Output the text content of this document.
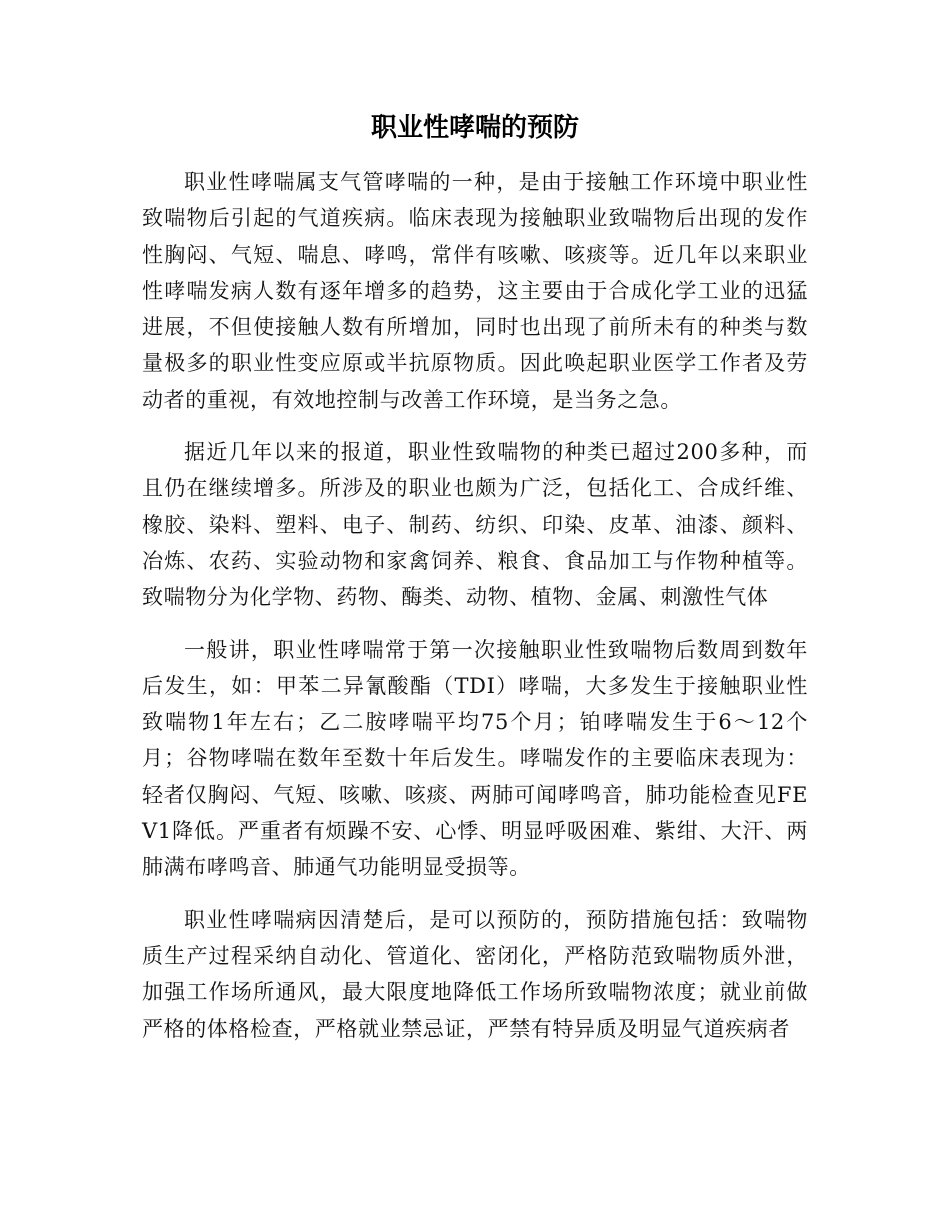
职业性哮喘的预防

职业性哮喘属支气管哮喘的一种，是由于接触工作环境中职业性致喘物后引起的气道疾病。临床表现为接触职业致喘物后出现的发作性胸闷、气短、喘息、哮鸣，常伴有咳嗽、咳痰等。近几年以来职业性哮喘发病人数有逐年增多的趋势，这主要由于合成化学工业的迅猛进展，不但使接触人数有所增加，同时也出现了前所未有的种类与数量极多的职业性变应原或半抗原物质。因此唤起职业医学工作者及劳动者的重视，有效地控制与改善工作环境，是当务之急。

据近几年以来的报道，职业性致喘物的种类已超过200多种，而且仍在继续增多。所涉及的职业也颇为广泛，包括化工、合成纤维、橡胶、染料、塑料、电子、制药、纺织、印染、皮革、油漆、颜料、冶炼、农药、实验动物和家禽饲养、粮食、食品加工与作物种植等。致喘物分为化学物、药物、酶类、动物、植物、金属、刺激性气体

一般讲，职业性哮喘常于第一次接触职业性致喘物后数周到数年后发生，如：甲苯二异氰酸酯（TDI）哮喘，大多发生于接触职业性致喘物1年左右；乙二胺哮喘平均75个月；铂哮喘发生于6～12个月；谷物哮喘在数年至数十年后发生。哮喘发作的主要临床表现为：轻者仅胸闷、气短、咳嗽、咳痰、两肺可闻哮鸣音，肺功能检查见FEV1降低。严重者有烦躁不安、心悸、明显呼吸困难、紫绀、大汗、两肺满布哮鸣音、肺通气功能明显受损等。

职业性哮喘病因清楚后，是可以预防的，预防措施包括：致喘物质生产过程采纳自动化、管道化、密闭化，严格防范致喘物质外泄，加强工作场所通风，最大限度地降低工作场所致喘物浓度；就业前做严格的体格检查，严格就业禁忌证，严禁有特异质及明显气道疾病者
